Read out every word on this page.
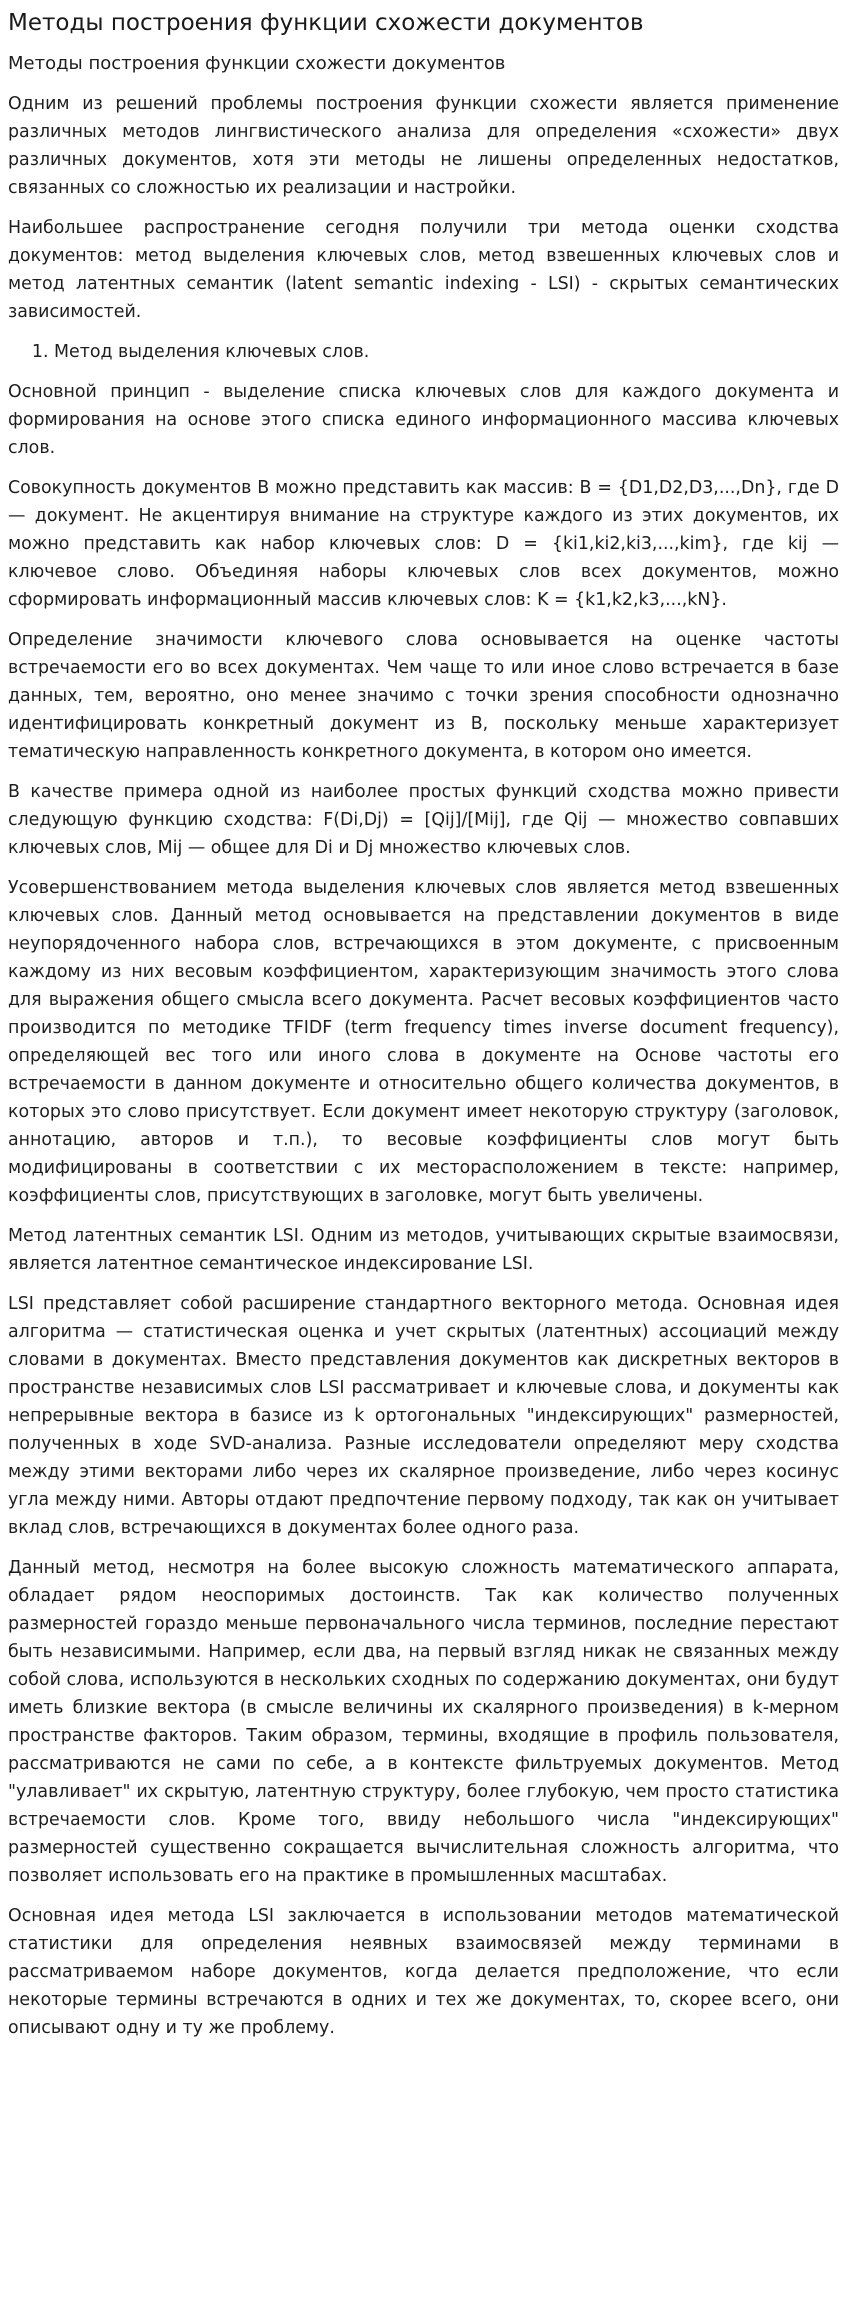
Методы построения функции схожести документов
Методы построения функции схожести документов

Одним из решений проблемы построения функции схожести является применение различных методов лингвистического анализа для определения «схожести» двух различных документов, хотя эти методы не лишены определенных недостатков, связанных со сложностью их реализации и настройки.

Наибольшее распространение сегодня получили три метода оценки сходства документов: метод выделения ключевых слов, метод взвешенных ключевых слов и метод латентных семантик (latent semantic indexing - LSI) - скрытых семантических зависимостей.

1. Метод выделения ключевых слов.

Основной принцип - выделение списка ключевых слов для каждого документа и формирования на основе этого списка единого информационного массива ключевых слов.

Совокупность документов B можно представить как массив: B = {D1,D2,D3,...,Dn}, где D — документ. Не акцентируя внимание на структуре каждого из этих документов, их можно представить как набор ключевых слов: D = {ki1,ki2,ki3,...,kim}, где kij — ключевое слово. Объединяя наборы ключевых слов всех документов, можно сформировать информационный массив ключевых слов: K = {k1,k2,k3,...,kN}.

Определение значимости ключевого слова основывается на оценке частоты встречаемости его во всех документах. Чем чаще то или иное слово встречается в базе данных, тем, вероятно, оно менее значимо с точки зрения способности однозначно идентифицировать конкретный документ из B, поскольку меньше характеризует тематическую направленность конкретного документа, в котором оно имеется.

В качестве примера одной из наиболее простых функций сходства можно привести следующую функцию сходства: F(Di,Dj) = [Qij]/[Mij], где Qij — множество совпавших ключевых слов, Mij — общее для Di и Dj множество ключевых слов.

Усовершенствованием метода выделения ключевых слов является метод взвешенных ключевых слов. Данный метод основывается на представлении документов в виде неупорядоченного набора слов, встречающихся в этом документе, с присвоенным каждому из них весовым коэффициентом, характеризующим значимость этого слова для выражения общего смысла всего документа. Расчет весовых коэффициентов часто производится по методике TFIDF (term frequency times inverse document frequency), определяющей вес того или иного слова в документе на Основе частоты его встречаемости в данном документе и относительно общего количества документов, в которых это слово присутствует. Если документ имеет некоторую структуру (заголовок, аннотацию, авторов и т.п.), то весовые коэффициенты слов могут быть модифицированы в соответствии с их месторасположением в тексте: например, коэффициенты слов, присутствующих в заголовке, могут быть увеличены.

Метод латентных семантик LSI. Одним из методов, учитывающих скрытые взаимосвязи, является латентное семантическое индексирование LSI.

LSI представляет собой расширение стандартного векторного метода. Основная идея алгоритма — статистическая оценка и учет скрытых (латентных) ассоциаций между словами в документах. Вместо представления документов как дискретных векторов в пространстве независимых слов LSI рассматривает и ключевые слова, и документы как непрерывные вектора в базисе из k ортогональных "индексирующих" размерностей, полученных в ходе SVD-анализа. Разные исследователи определяют меру сходства между этими векторами либо через их скалярное произведение, либо через косинус угла между ними. Авторы отдают предпочтение первому подходу, так как он учитывает вклад слов, встречающихся в документах более одного раза.

Данный метод, несмотря на более высокую сложность математического аппарата, обладает рядом неоспоримых достоинств. Так как количество полученных размерностей гораздо меньше первоначального числа терминов, последние перестают быть независимыми. Например, если два, на первый взгляд никак не связанных между собой слова, используются в нескольких сходных по содержанию документах, они будут иметь близкие вектора (в смысле величины их скалярного произведения) в k-мерном пространстве факторов. Таким образом, термины, входящие в профиль пользователя, рассматриваются не сами по себе, а в контексте фильтруемых документов. Метод "улавливает" их скрытую, латентную структуру, более глубокую, чем просто статистика встречаемости слов. Кроме того, ввиду небольшого числа "индексирующих" размерностей существенно сокращается вычислительная сложность алгоритма, что позволяет использовать его на практике в промышленных масштабах.

Основная идея метода LSI заключается в использовании методов математической статистики для определения неявных взаимосвязей между терминами в рассматриваемом наборе документов, когда делается предположение, что если некоторые термины встречаются в одних и тех же документах, то, скорее всего, они описывают одну и ту же проблему.
